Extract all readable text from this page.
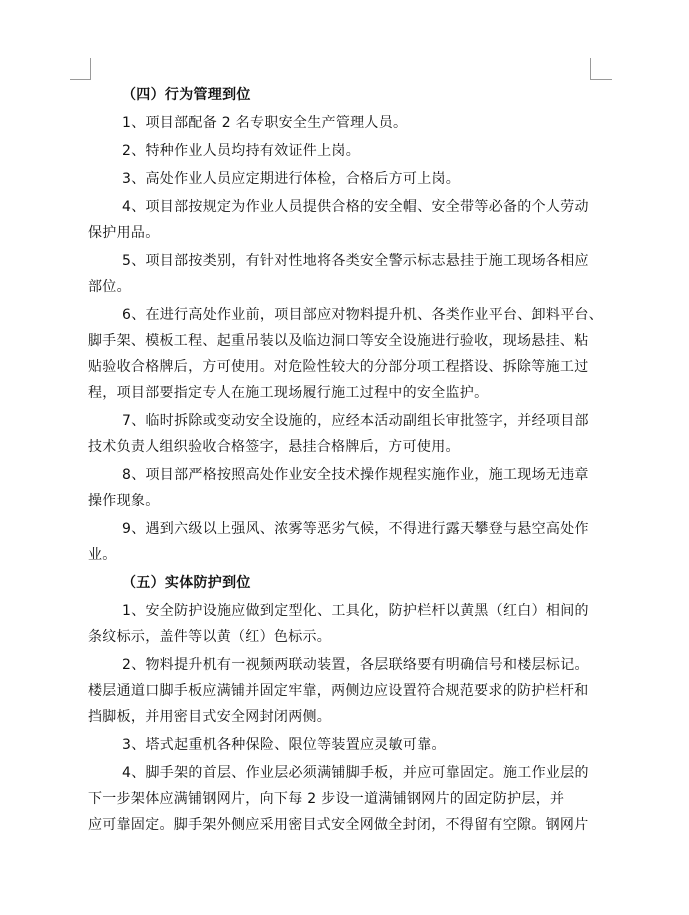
（四）行为管理到位
1、项目部配备 2 名专职安全生产管理人员。
2、特种作业人员均持有效证件上岗。
3、高处作业人员应定期进行体检，合格后方可上岗。
4、项目部按规定为作业人员提供合格的安全帽、安全带等必备的个人劳动
保护用品。
5、项目部按类别，有针对性地将各类安全警示标志悬挂于施工现场各相应
部位。
6、在进行高处作业前，项目部应对物料提升机、各类作业平台、卸料平台、
脚手架、模板工程、起重吊装以及临边洞口等安全设施进行验收，现场悬挂、粘
贴验收合格牌后，方可使用。对危险性较大的分部分项工程搭设、拆除等施工过
程，项目部要指定专人在施工现场履行施工过程中的安全监护。
7、临时拆除或变动安全设施的，应经本活动副组长审批签字，并经项目部
技术负责人组织验收合格签字，悬挂合格牌后，方可使用。
8、项目部严格按照高处作业安全技术操作规程实施作业，施工现场无违章
操作现象。
9、遇到六级以上强风、浓雾等恶劣气候，不得进行露天攀登与悬空高处作
业。
（五）实体防护到位
1、安全防护设施应做到定型化、工具化，防护栏杆以黄黑（红白）相间的
条纹标示，盖件等以黄（红）色标示。
2、物料提升机有一视频两联动装置，各层联络要有明确信号和楼层标记。
楼层通道口脚手板应满铺并固定牢靠，两侧边应设置符合规范要求的防护栏杆和
挡脚板，并用密目式安全网封闭两侧。
3、塔式起重机各种保险、限位等装置应灵敏可靠。
4、脚手架的首层、作业层必须满铺脚手板，并应可靠固定。施工作业层的
下一步架体应满铺钢网片，向下每 2 步设一道满铺钢网片的固定防护层，并
应可靠固定。脚手架外侧应采用密目式安全网做全封闭，不得留有空隙。钢网片
